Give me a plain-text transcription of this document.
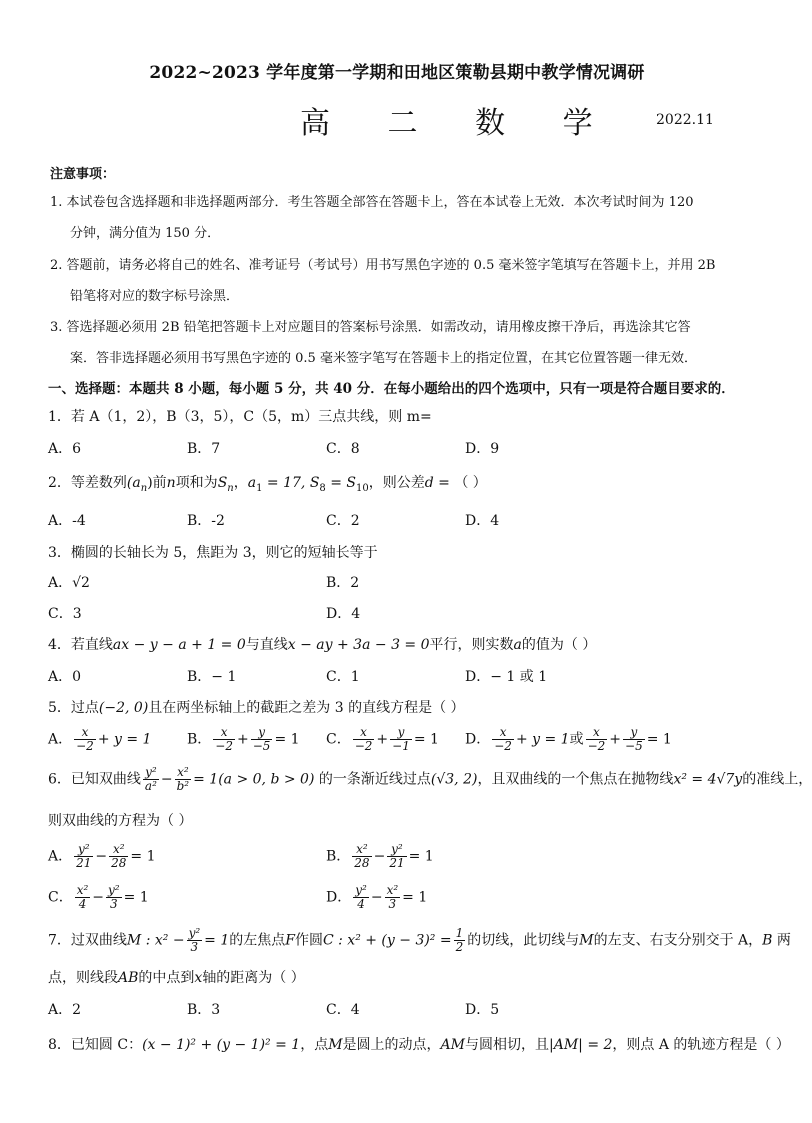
2022~2023 学年度第一学期和田地区策勒县期中教学情况调研
高 二 数 学	2022.11
注意事项：
1. 本试卷包含选择题和非选择题两部分．考生答题全部答在答题卡上，答在本试卷上无效．本次考试时间为 120
分钟，满分值为 150 分．
2. 答题前，请务必将自己的姓名、准考证号（考试号）用书写黑色字迹的 0.5 毫米签字笔填写在答题卡上，并用 2B
铅笔将对应的数字标号涂黑．
3. 答选择题必须用 2B 铅笔把答题卡上对应题目的答案标号涂黑．如需改动，请用橡皮擦干净后，再选涂其它答
案．答非选择题必须用书写黑色字迹的 0.5 毫米签字笔写在答题卡上的指定位置，在其它位置答题一律无效．
一、选择题：本题共 8 小题，每小题 5 分，共 40 分．在每小题给出的四个选项中，只有一项是符合题目要求的．
1．若 A（1，2），B（3，5），C（5，m）三点共线，则 m=
A．6	B．7	C．8	D．9
2．等差数列$(a_n)$前n项和为$S_n$，$a_1 = 17$, $S_8 = S_{10}$，则公差d = （ ）
A．-4	B．-2	C．2	D．4
3．椭圆的长轴长为 5，焦距为 3，则它的短轴长等于
A．√2	B．2
C．3	D．4
4．若直线ax − y − a + 1 = 0与直线x − ay + 3a − 3 = 0平行，则实数a的值为（ ）
A．0	B．− 1	C．1	D．− 1 或 1
5．过点(−2, 0)且在两坐标轴上的截距之差为 3 的直线方程是（ ）
A． $\frac{x}{-2} + y = 1$	B． $\frac{x}{-2} + \frac{y}{-5} = 1$ C． $\frac{x}{-2} + \frac{y}{-1} = 1$ D． $\frac{x}{-2} + y = 1$或 $\frac{x}{-2} + \frac{y}{-5} = 1$
6．已知双曲线 $\frac{\text{y²}}{\text{a²}} - \frac{\text{x²}}{\text{b²}} = 1(a > 0$, b > 0) 的一条渐近线过点(√3, 2)，且双曲线的一个焦点在抛物线x² = 4√7y的准线上，
则双曲线的方程为（ ）
A． $\frac{\text{y²}}{21} - \frac{\text{x²}}{28} = 1$	B． $\frac{\text{x²}}{28} - \frac{\text{y²}}{21} = 1$
C． $\frac{\text{x²}}{4} - \frac{\text{y²}}{3} = 1$	D． $\frac{\text{y²}}{4} - \frac{\text{x²}}{3} = 1$
7．过双曲线M : $x^2 - \frac{\text{y²}}{3} = 1$的左焦点F作圆C : $x^2 + (y - 3)^2 = \frac{1}{2}$ 的切线，此切线与M的左支、右支分别交于 A，B 两
点，则线段AB的中点到x轴的距离为（ ）
A．2	B．3	C．4	D．5
8．已知圆 C：(x − 1)² + (y − 1)² = 1，点M是圆上的动点，AM与圆相切，且|AM| = 2，则点 A 的轨迹方程是（ ）
